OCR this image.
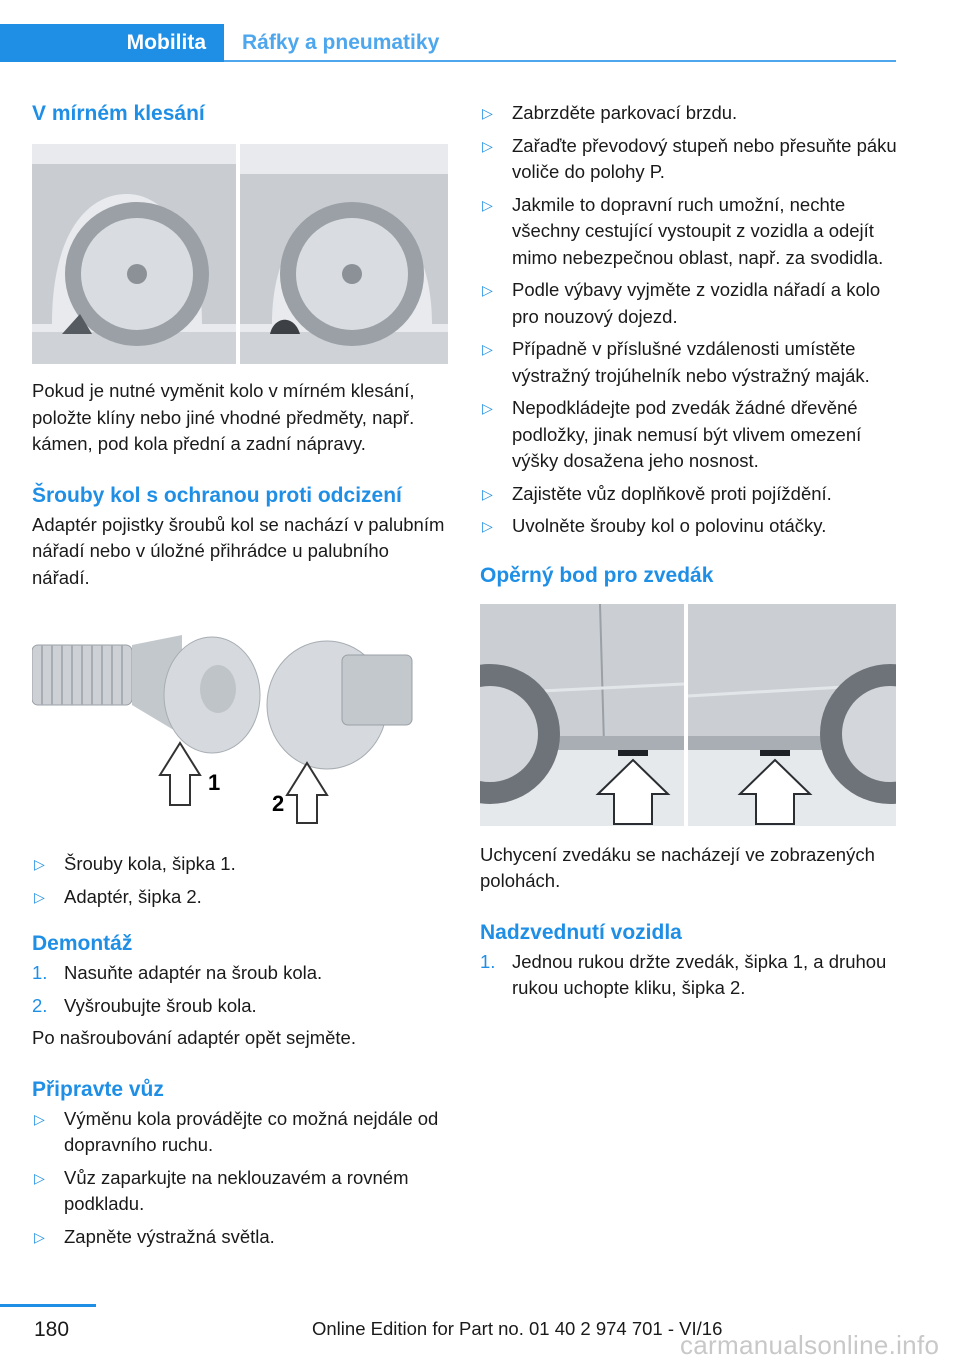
Mobilita	Ráfky a pneumatiky
V mírném klesání

Pokud je nutné vyměnit kolo v mírném klesání, položte klíny nebo jiné vhodné předměty, např. kámen, pod kola přední a zadní nápravy.

Šrouby kol s ochranou proti odcizení

Adaptér pojistky šroubů kol se nachází v palubním nářadí nebo v úložné přihrádce u palubního nářadí.

1
2
▷ Šrouby kola, šipka 1.
▷ Adaptér, šipka 2.
Demontáž
1. Nasuňte adaptér na šroub kola.
2. Vyšroubujte šroub kola.

Po našroubování adaptér opět sejměte.

Připravte vůz
▷ Výměnu kola provádějte co možná nejdále od dopravního ruchu.
▷ Vůz zaparkujte na neklouzavém a rovném podkladu.
▷ Zapněte výstražná světla.
▷ Zabrzděte parkovací brzdu.
▷ Zařaďte převodový stupeň nebo přesuňte páku voliče do polohy P.
▷ Jakmile to dopravní ruch umožní, nechte všechny cestující vystoupit z vozidla a odejít mimo nebezpečnou oblast, např. za svodidla.
▷ Podle výbavy vyjměte z vozidla nářadí a kolo pro nouzový dojezd.
▷ Případně v příslušné vzdálenosti umístěte výstražný trojúhelník nebo výstražný maják.
▷ Nepodkládejte pod zvedák žádné dřevěné podložky, jinak nemusí být vlivem omezení výšky dosažena jeho nosnost.
▷ Zajistěte vůz doplňkově proti pojíždění.
▷ Uvolněte šrouby kol o polovinu otáčky.
Opěrný bod pro zvedák

Uchycení zvedáku se nacházejí ve zobrazených polohách.

Nadzvednutí vozidla
1. Jednou rukou držte zvedák, šipka 1, a druhou rukou uchopte kliku, šipka 2.
180	Online Edition for Part no. 01 40 2 974 701 - VI/16
carmanualsonline.info
